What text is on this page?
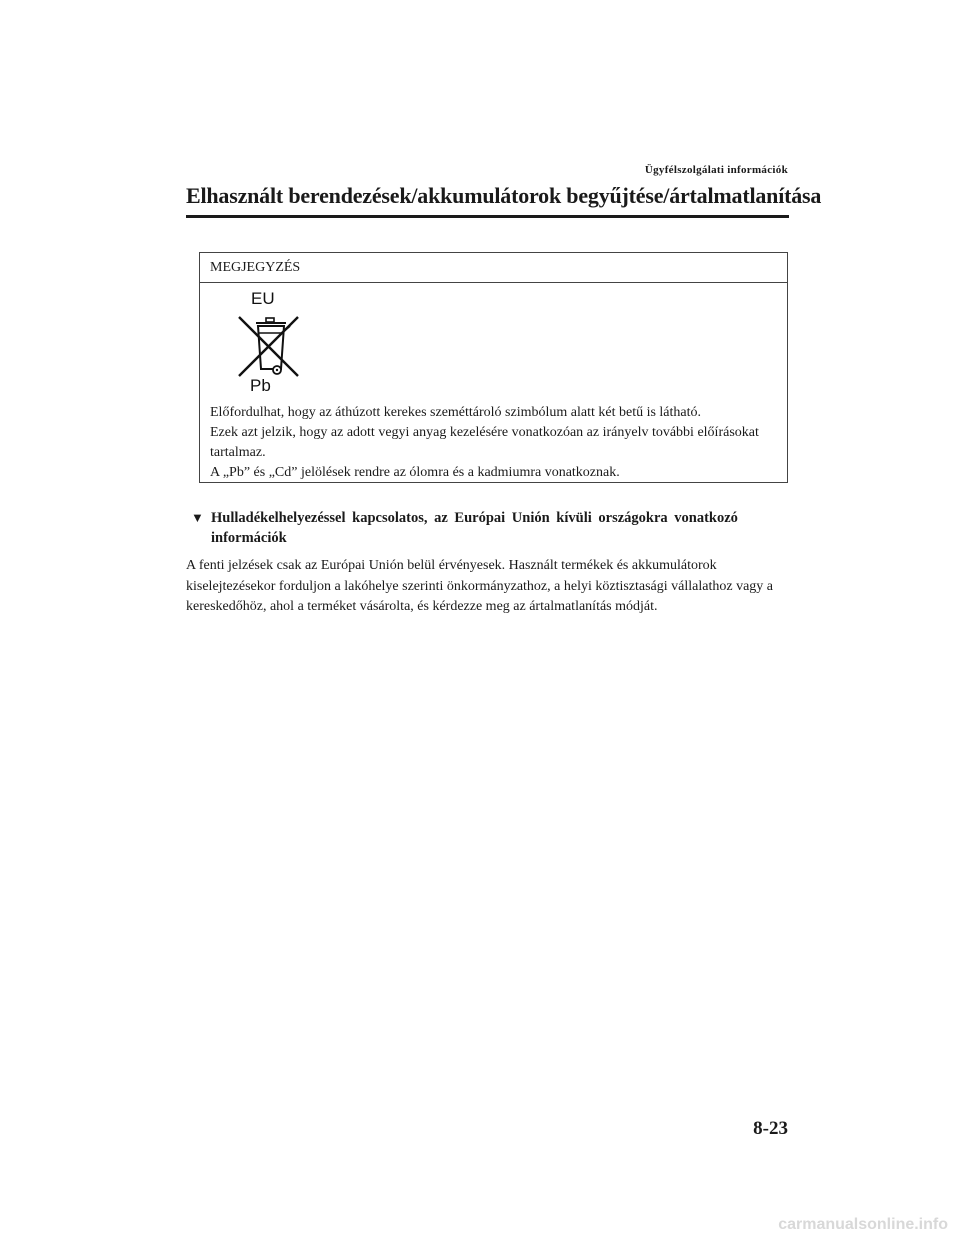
Ügyfélszolgálati információk
Elhasznált berendezések/akkumulátorok begyűjtése/ártalmatlanítása
MEGJEGYZÉS
EU
Pb

Előfordulhat, hogy az áthúzott kerekes szeméttároló szimbólum alatt két betű is látható.

Ezek azt jelzik, hogy az adott vegyi anyag kezelésére vonatkozóan az irányelv további előírásokat tartalmaz.

A „Pb” és „Cd” jelölések rendre az ólomra és a kadmiumra vonatkoznak.

▼ Hulladékelhelyezéssel kapcsolatos, az Európai Unión kívüli országokra vonatkozó információk

A fenti jelzések csak az Európai Unión belül érvényesek. Használt termékek és akkumulátorok kiselejtezésekor forduljon a lakóhelye szerinti önkormányzathoz, a helyi köztisztasági vállalathoz vagy a kereskedőhöz, ahol a terméket vásárolta, és kérdezze meg az ártalmatlanítás módját.

8-23
carmanualsonline.info
